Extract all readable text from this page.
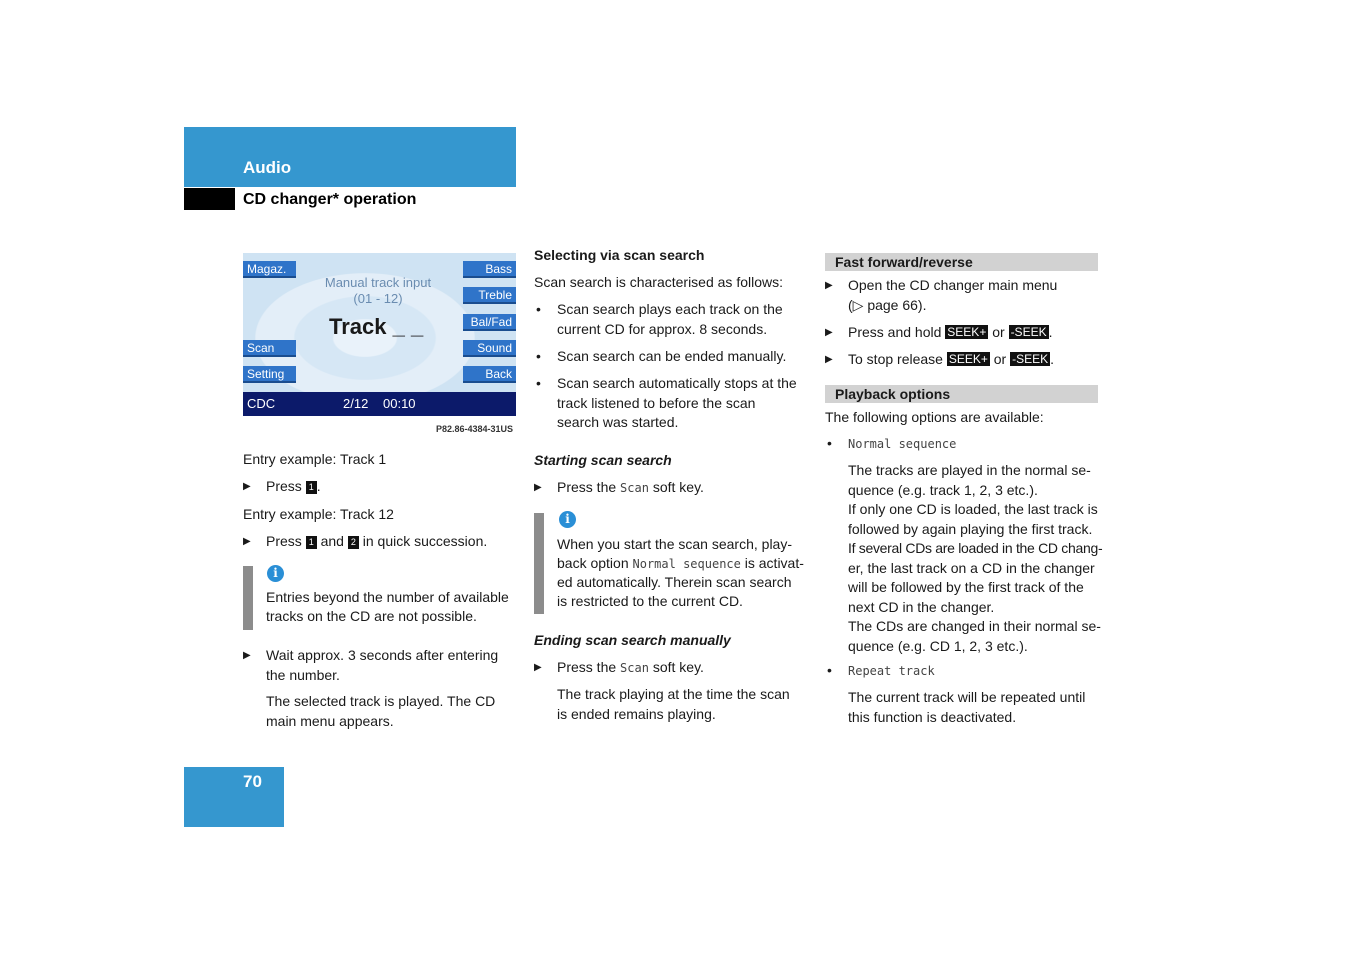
Audio
CD changer* operation
Magaz.
Scan
Setting
Bass
Treble
Bal/Fad
Sound
Back
Manual track input
(01 - 12)
Track _ _
CDC	2/12 00:10
P82.86-4384-31US

Entry example: Track 1

▶ Press 1 .

Entry example: Track 12

▶ Press 1 and 2 in quick succession.
i

Entries beyond the number of available

tracks on the CD are not possible.

▶ Wait approx. 3 seconds after entering
the number.

The selected track is played. The CD

main menu appears.

Selecting via scan search

Scan search is characterised as follows:

• Scan search plays each track on the
current CD for approx. 8 seconds.
• Scan search can be ended manually.
• Scan search automatically stops at the
track listened to before the scan
search was started.

Starting scan search

▶ Press the Scan soft key.
i

When you start the scan search, play-

back option Normal sequence is activat-

ed automatically. Therein scan search

is restricted to the current CD.

Ending scan search manually

▶ Press the Scan soft key.

The track playing at the time the scan

is ended remains playing.

Fast forward/reverse
▶ Open the CD changer main menu
(▷ page 66).
▶ Press and hold SEEK+ or -SEEK .
▶ To stop release SEEK+ or -SEEK .
Playback options

The following options are available:

• Normal sequence
The tracks are played in the normal se-
quence (e.g. track 1, 2, 3 etc.).
If only one CD is loaded, the last track is
followed by again playing the first track.
If several CDs are loaded in the CD chang-
er, the last track on a CD in the changer
will be followed by the first track of the
next CD in the changer.
The CDs are changed in their normal se-
quence (e.g. CD 1, 2, 3 etc.).
• Repeat track
The current track will be repeated until
this function is deactivated.
70
